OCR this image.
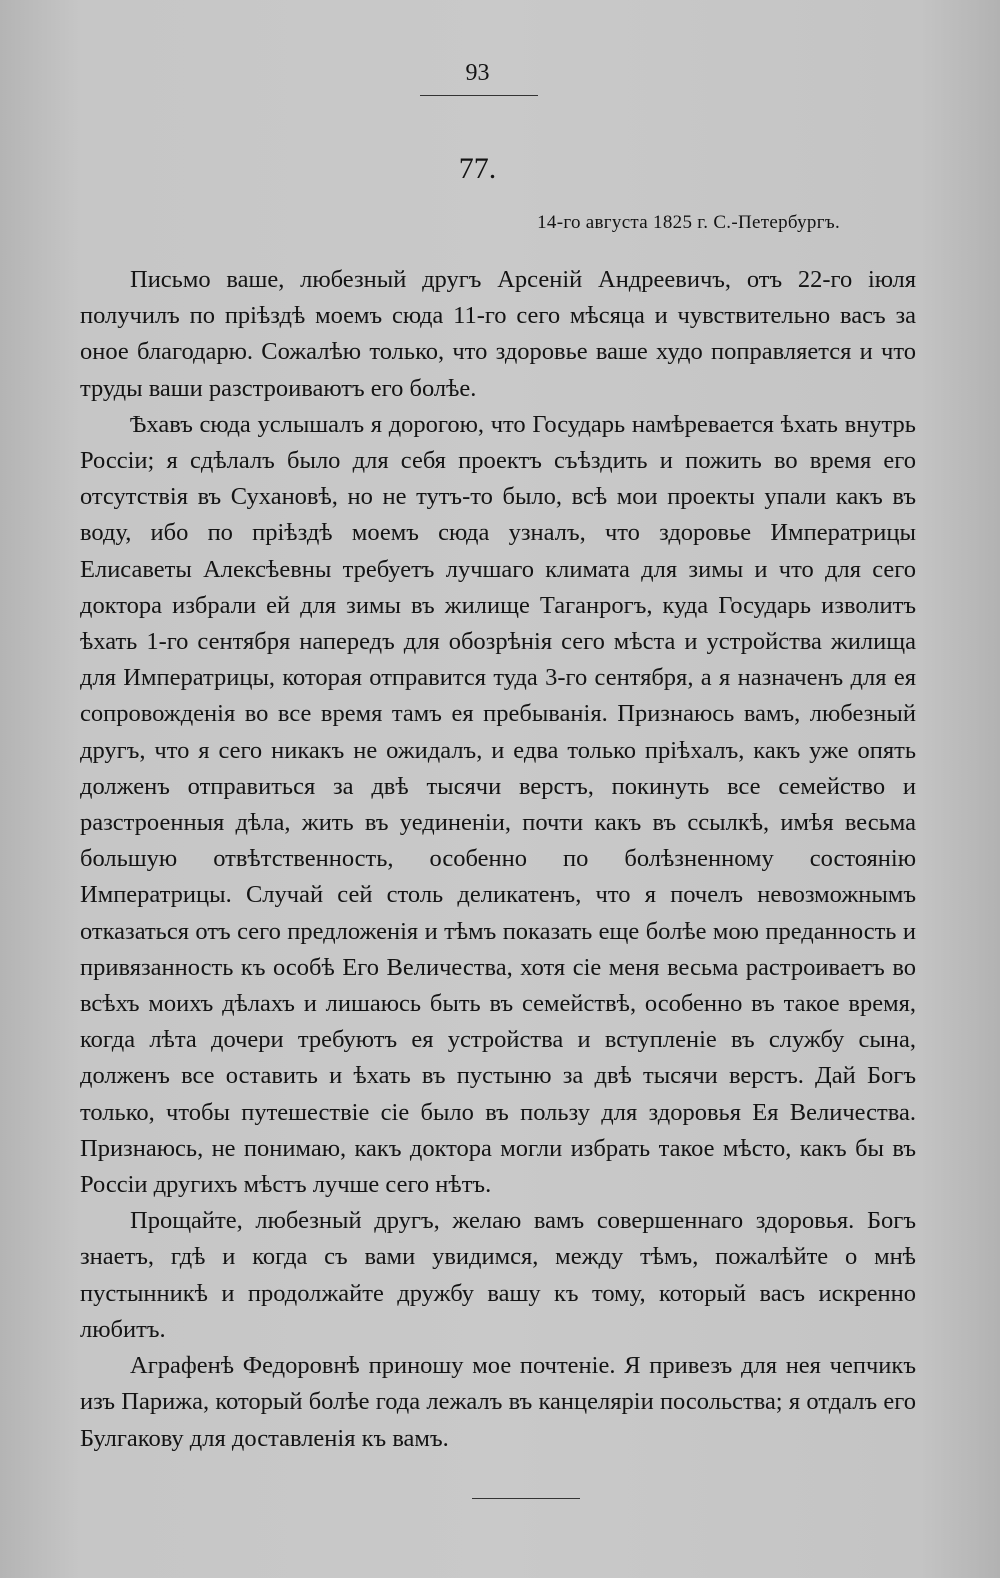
93
77.
14-го августа 1825 г. С.-Петербургъ.

Письмо ваше, любезный другъ Арсеній Андреевичъ, отъ 22-го іюля получилъ по пріѣздѣ моемъ сюда 11-го сего мѣсяца и чувствительно васъ за оное благодарю. Сожалѣю только, что здоровье ваше худо поправляется и что труды ваши разстроиваютъ его болѣе.

Ѣхавъ сюда услышалъ я дорогою, что Государь намѣревается ѣхать внутрь Россіи; я сдѣлалъ было для себя проектъ съѣздить и пожить во время его отсутствія въ Сухановѣ, но не тутъ-то было, всѣ мои проекты упали какъ въ воду, ибо по пріѣздѣ моемъ сюда узналъ, что здоровье Императрицы Елисаветы Алексѣевны требуетъ лучшаго климата для зимы и что для сего доктора избрали ей для зимы въ жилище Таганрогъ, куда Государь изволитъ ѣхать 1-го сентября напередъ для обозрѣнія сего мѣста и устройства жилища для Императрицы, которая отправится туда 3-го сентября, а я назначенъ для ея сопровожденія во все время тамъ ея пребыванія. Признаюсь вамъ, любезный другъ, что я сего никакъ не ожидалъ, и едва только пріѣхалъ, какъ уже опять долженъ отправиться за двѣ тысячи верстъ, покинуть все семейство и разстроенныя дѣла, жить въ уединеніи, почти какъ въ ссылкѣ, имѣя весьма большую отвѣтственность, особенно по болѣзненному состоянію Императрицы. Случай сей столь деликатенъ, что я почелъ невозможнымъ отказаться отъ сего предложенія и тѣмъ показать еще болѣе мою преданность и привязанность къ особѣ Его Величества, хотя сіе меня весьма растроиваетъ во всѣхъ моихъ дѣлахъ и лишаюсь быть въ семействѣ, особенно въ такое время, когда лѣта дочери требуютъ ея устройства и вступленіе въ службу сына, долженъ все оставить и ѣхать въ пустыню за двѣ тысячи верстъ. Дай Богъ только, чтобы путешествіе сіе было въ пользу для здоровья Ея Величества. Признаюсь, не понимаю, какъ доктора могли избрать такое мѣсто, какъ бы въ Россіи другихъ мѣстъ лучше сего нѣтъ.

Прощайте, любезный другъ, желаю вамъ совершеннаго здоровья. Богъ знаетъ, гдѣ и когда съ вами увидимся, между тѣмъ, пожалѣйте о мнѣ пустынникѣ и продолжайте дружбу вашу къ тому, который васъ искренно любитъ.

Аграфенѣ Федоровнѣ приношу мое почтеніе. Я привезъ для нея чепчикъ изъ Парижа, который болѣе года лежалъ въ канцеляріи посольства; я отдалъ его Булгакову для доставленія къ вамъ.
